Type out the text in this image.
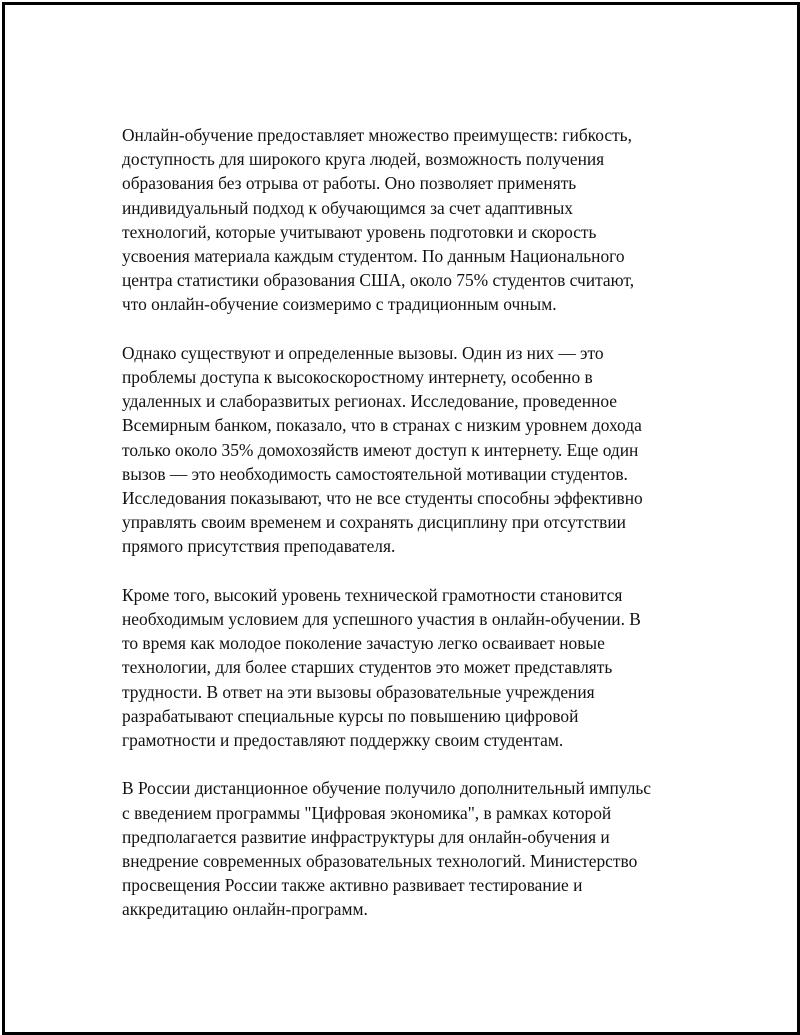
Онлайн-обучение предоставляет множество преимуществ: гибкость,
доступность для широкого круга людей, возможность получения
образования без отрыва от работы. Оно позволяет применять
индивидуальный подход к обучающимся за счет адаптивных
технологий, которые учитывают уровень подготовки и скорость
усвоения материала каждым студентом. По данным Национального
центра статистики образования США, около 75% студентов считают,
что онлайн-обучение соизмеримо с традиционным очным.

Однако существуют и определенные вызовы. Один из них — это
проблемы доступа к высокоскоростному интернету, особенно в
удаленных и слаборазвитых регионах. Исследование, проведенное
Всемирным банком, показало, что в странах с низким уровнем дохода
только около 35% домохозяйств имеют доступ к интернету. Еще один
вызов — это необходимость самостоятельной мотивации студентов.
Исследования показывают, что не все студенты способны эффективно
управлять своим временем и сохранять дисциплину при отсутствии
прямого присутствия преподавателя.

Кроме того, высокий уровень технической грамотности становится
необходимым условием для успешного участия в онлайн-обучении. В
то время как молодое поколение зачастую легко осваивает новые
технологии, для более старших студентов это может представлять
трудности. В ответ на эти вызовы образовательные учреждения
разрабатывают специальные курсы по повышению цифровой
грамотности и предоставляют поддержку своим студентам.

В России дистанционное обучение получило дополнительный импульс
с введением программы "Цифровая экономика", в рамках которой
предполагается развитие инфраструктуры для онлайн-обучения и
внедрение современных образовательных технологий. Министерство
просвещения России также активно развивает тестирование и
аккредитацию онлайн-программ.
